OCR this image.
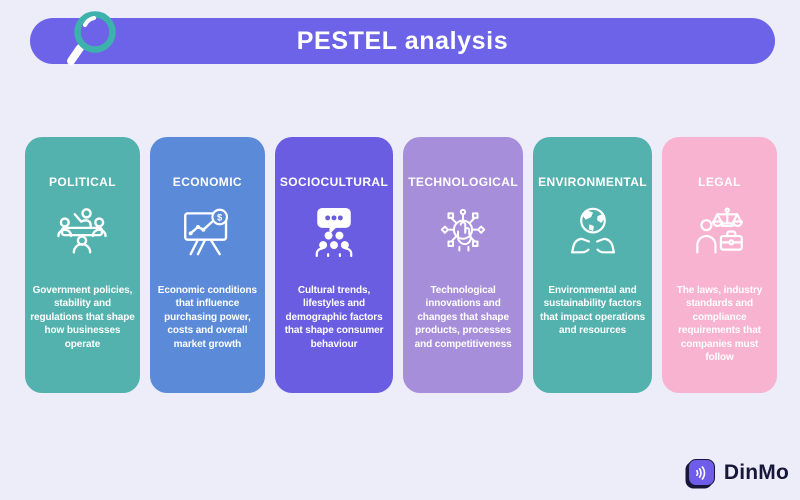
PESTEL analysis
POLITICAL

Government policies, stability and regulations that shape how businesses operate

ECONOMIC
$

Economic conditions that influence purchasing power, costs and overall market growth

SOCIOCULTURAL

Cultural trends, lifestyles and demographic factors that shape consumer behaviour

TECHNOLOGICAL

Technological innovations and changes that shape products, processes and competitiveness

ENVIRONMENTAL

Environmental and sustainability factors that impact operations and resources

LEGAL

The laws, industry standards and compliance requirements that companies must follow

DinMo
